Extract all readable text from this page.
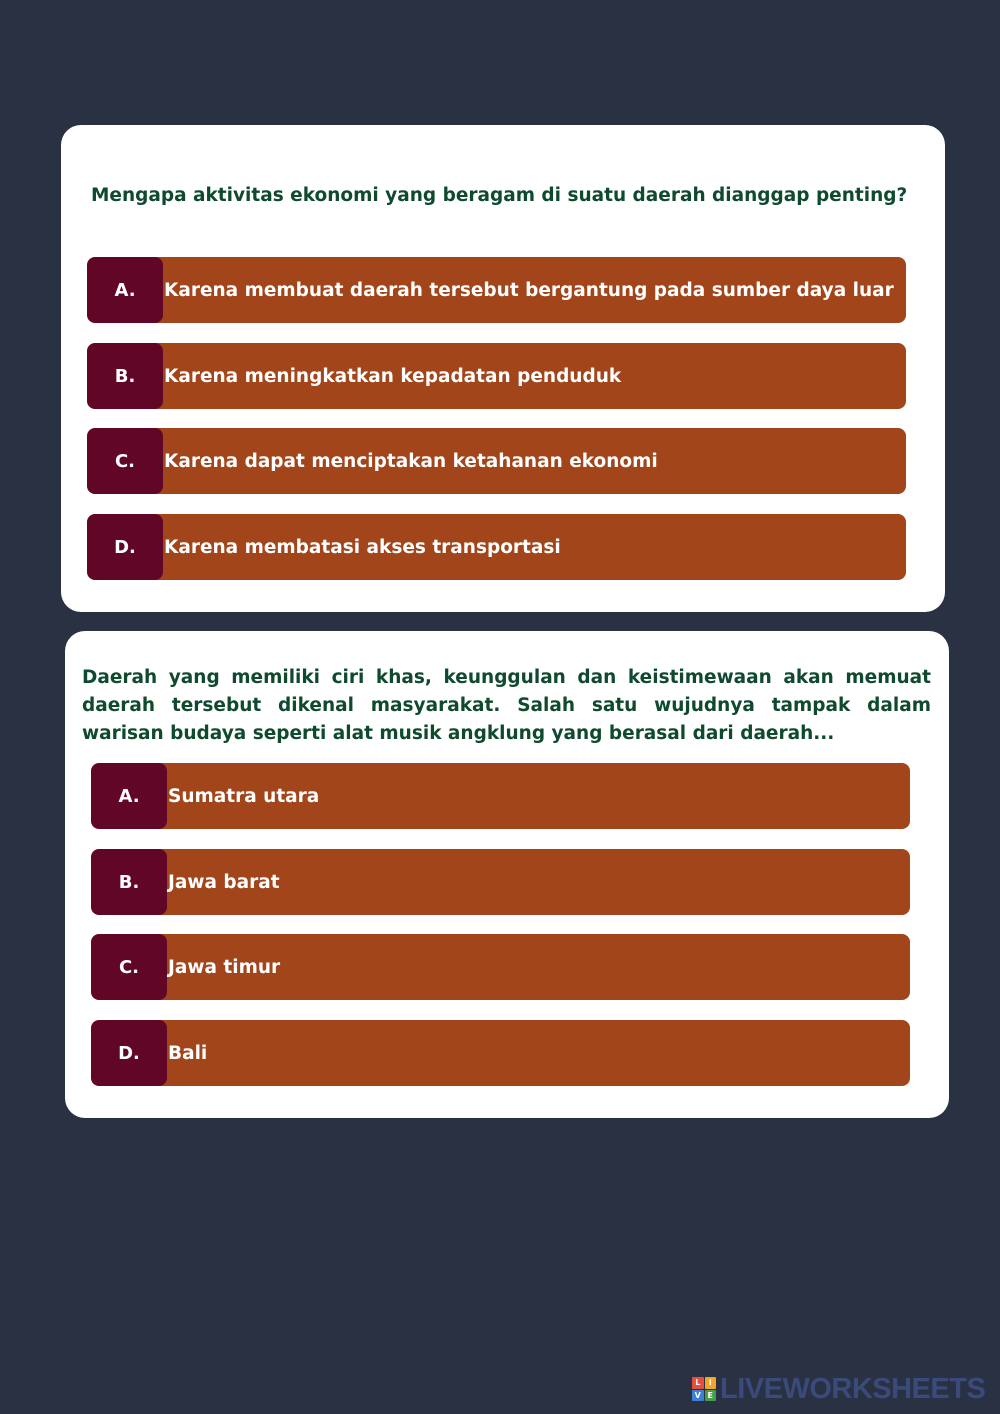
Mengapa aktivitas ekonomi yang beragam di suatu daerah dianggap penting?

A.	Karena membuat daerah tersebut bergantung pada sumber daya luar
B.	Karena meningkatkan kepadatan penduduk
C.	Karena dapat menciptakan ketahanan ekonomi
D.	Karena membatasi akses transportasi

Daerah yang memiliki ciri khas, keunggulan dan keistimewaan akan memuat daerah tersebut dikenal masyarakat. Salah satu wujudnya tampak dalam warisan budaya seperti alat musik angklung yang berasal dari daerah...

A.	Sumatra utara
B.	Jawa barat
C.	Jawa timur
D.	Bali
L	I
V E LIVEWORKSHEETS
